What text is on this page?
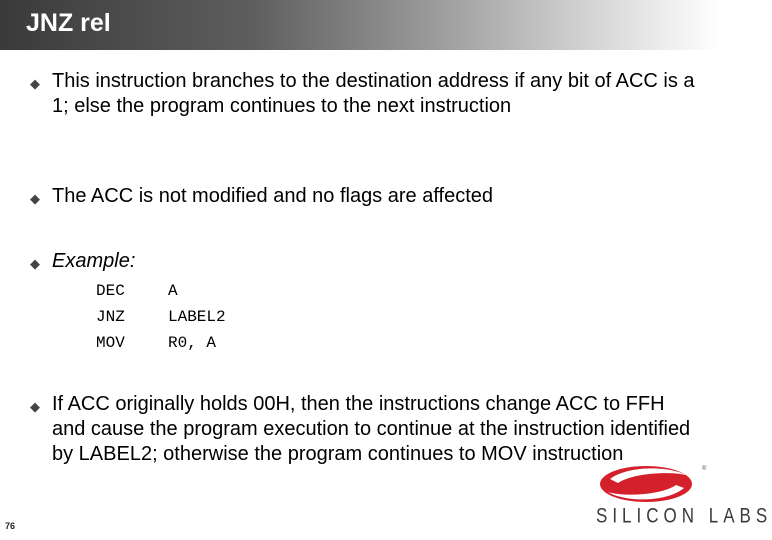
JNZ rel
◆ This instruction branches to the destination address if any bit of ACC is a 1; else the program continues to the next instruction
◆ The ACC is not modified and no flags are affected
◆ Example:
DEC	A
JNZ	LABEL2
MOV	R0, A
◆ If ACC originally holds 00H, then the instructions change ACC to FFH and cause the program execution to continue at the instruction identified by LABEL2; otherwise the program continues to MOV instruction
76
®
SILICON LABS
